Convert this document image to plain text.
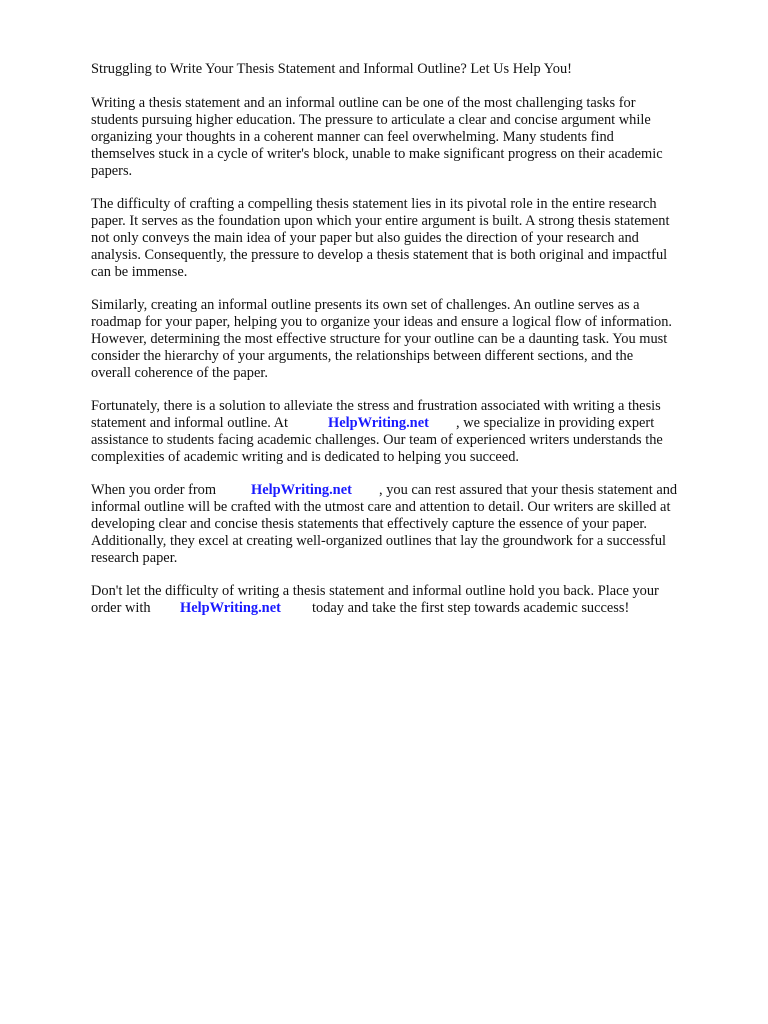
Struggling to Write Your Thesis Statement and Informal Outline? Let Us Help You!
Writing a thesis statement and an informal outline can be one of the most challenging tasks for
students pursuing higher education. The pressure to articulate a clear and concise argument while
organizing your thoughts in a coherent manner can feel overwhelming. Many students find
themselves stuck in a cycle of writer's block, unable to make significant progress on their academic
papers.
The difficulty of crafting a compelling thesis statement lies in its pivotal role in the entire research
paper. It serves as the foundation upon which your entire argument is built. A strong thesis statement
not only conveys the main idea of your paper but also guides the direction of your research and
analysis. Consequently, the pressure to develop a thesis statement that is both original and impactful
can be immense.
Similarly, creating an informal outline presents its own set of challenges. An outline serves as a
roadmap for your paper, helping you to organize your ideas and ensure a logical flow of information.
However, determining the most effective structure for your outline can be a daunting task. You must
consider the hierarchy of your arguments, the relationships between different sections, and the
overall coherence of the paper.
Fortunately, there is a solution to alleviate the stress and frustration associated with writing a thesis
statement and informal outline. At	HelpWriting.net , we specialize in providing expert
assistance to students facing academic challenges. Our team of experienced writers understands the
complexities of academic writing and is dedicated to helping you succeed.
When you order from HelpWriting.net , you can rest assured that your thesis statement and
informal outline will be crafted with the utmost care and attention to detail. Our writers are skilled at
developing clear and concise thesis statements that effectively capture the essence of your paper.
Additionally, they excel at creating well-organized outlines that lay the groundwork for a successful
research paper.
Don't let the difficulty of writing a thesis statement and informal outline hold you back. Place your
order with HelpWriting.net today and take the first step towards academic success!
